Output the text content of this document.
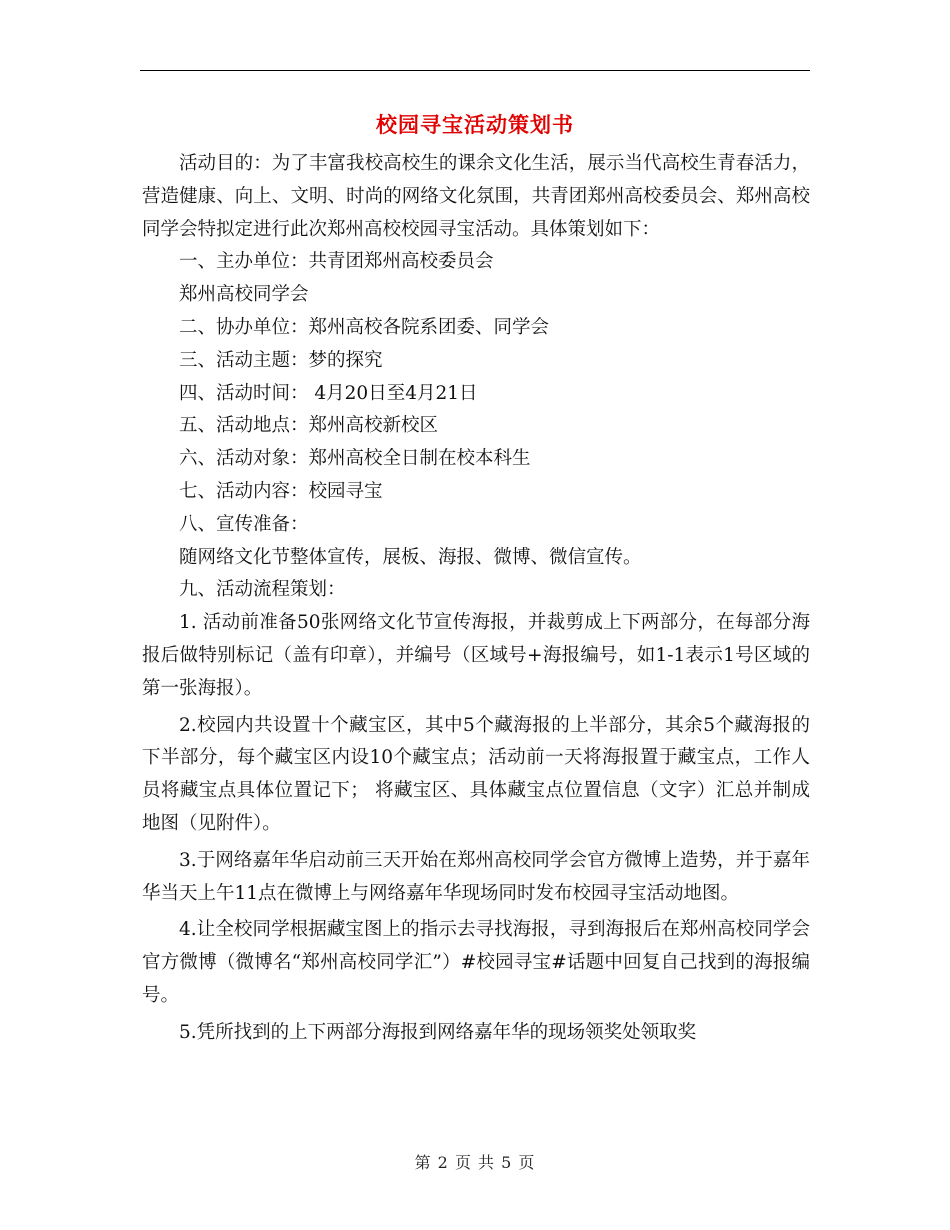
校园寻宝活动策划书

活动目的：为了丰富我校高校生的课余文化生活，展示当代高校生青春活力，营造健康、向上、文明、时尚的网络文化氛围，共青团郑州高校委员会、郑州高校同学会特拟定进行此次郑州高校校园寻宝活动。具体策划如下：

一、主办单位：共青团郑州高校委员会

郑州高校同学会

二、协办单位：郑州高校各院系团委、同学会

三、活动主题：梦的探究

四、活动时间： 4月20日至4月21日

五、活动地点：郑州高校新校区

六、活动对象：郑州高校全日制在校本科生

七、活动内容：校园寻宝

八、宣传准备：

随网络文化节整体宣传，展板、海报、微博、微信宣传。

九、活动流程策划：

1. 活动前准备50张网络文化节宣传海报，并裁剪成上下两部分，在每部分海报后做特别标记（盖有印章），并编号（区域号+海报编号，如1-1表示1号区域的第一张海报）。

2.校园内共设置十个藏宝区，其中5个藏海报的上半部分，其余5个藏海报的下半部分，每个藏宝区内设10个藏宝点；活动前一天将海报置于藏宝点，工作人员将藏宝点具体位置记下； 将藏宝区、具体藏宝点位置信息（文字）汇总并制成地图（见附件）。

3.于网络嘉年华启动前三天开始在郑州高校同学会官方微博上造势，并于嘉年华当天上午11点在微博上与网络嘉年华现场同时发布校园寻宝活动地图。

4.让全校同学根据藏宝图上的指示去寻找海报，寻到海报后在郑州高校同学会官方微博（微博名“郑州高校同学汇”）#校园寻宝#话题中回复自己找到的海报编号。

5.凭所找到的上下两部分海报到网络嘉年华的现场领奖处领取奖

第 2 页 共 5 页
